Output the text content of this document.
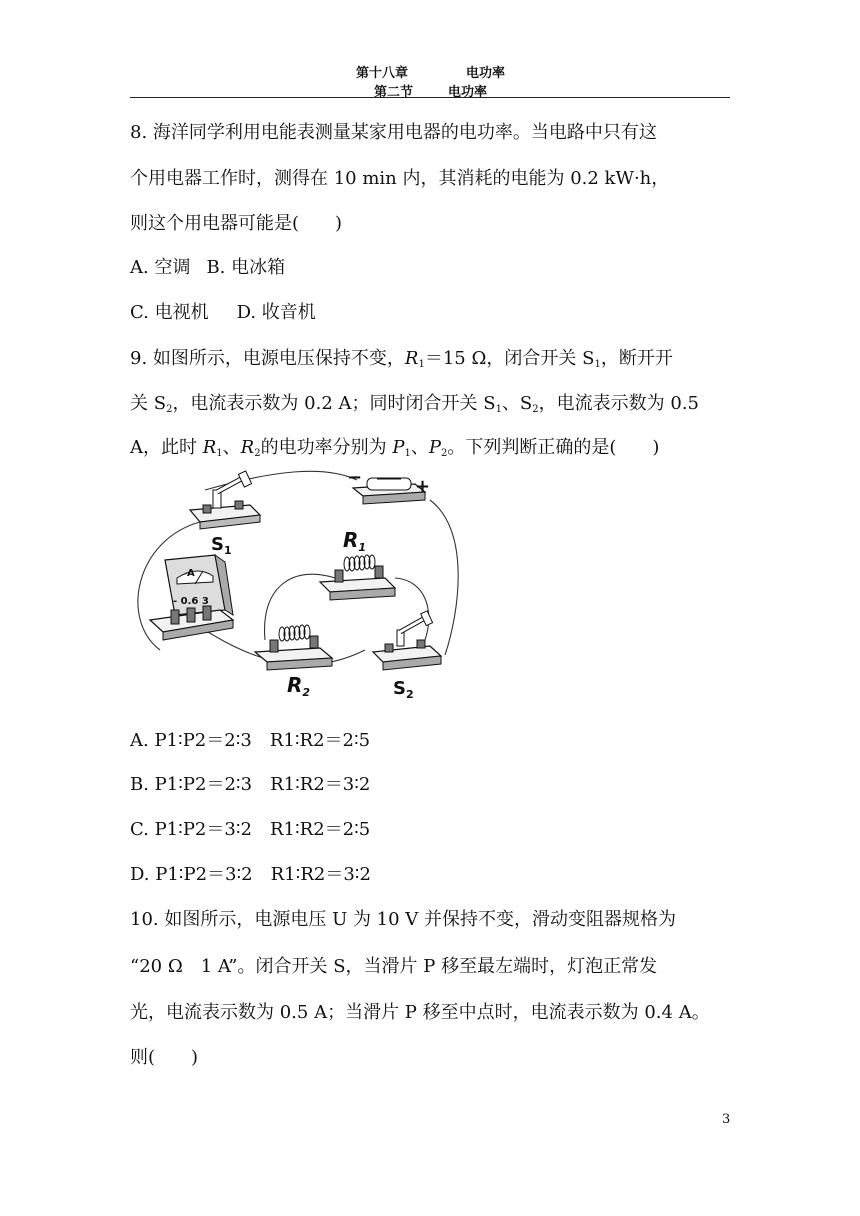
第十八章	电功率
第二节	电功率
8. 海洋同学利用电能表测量某家用电器的电功率。当电路中只有这
个用电器工作时，测得在 10 min 内，其消耗的电能为 0.2 kW·h，
则这个用电器可能是(　　)
A. 空调 B. 电冰箱
C. 电视机 D. 收音机
9. 如图所示，电源电压保持不变，$R_1=15$ Ω，闭合开关 $S_1$，断开开
关 $S_2$，电流表示数为 0.2 A；同时闭合开关 $S_1$、$S_2$，电流表示数为 0.5
A，此时 $R_1$、$R_2$的电功率分别为 $P_1$、$P_2$。下列判断正确的是(　　)
$S_1$
−	+
$R_1$
A
- 0.6 3
$R_2$	$S_2$
A. P1∶P2＝2∶3　R1∶R2＝2∶5
B. P1∶P2＝2∶3　R1∶R2＝3∶2
C. P1∶P2＝3∶2　R1∶R2＝2∶5
D. P1∶P2＝3∶2　R1∶R2＝3∶2
10. 如图所示，电源电压 U 为 10 V 并保持不变，滑动变阻器规格为
“20 Ω　1 A”。闭合开关 S，当滑片 P 移至最左端时，灯泡正常发
光，电流表示数为 0.5 A；当滑片 P 移至中点时，电流表示数为 0.4 A。
则(　　)
3
